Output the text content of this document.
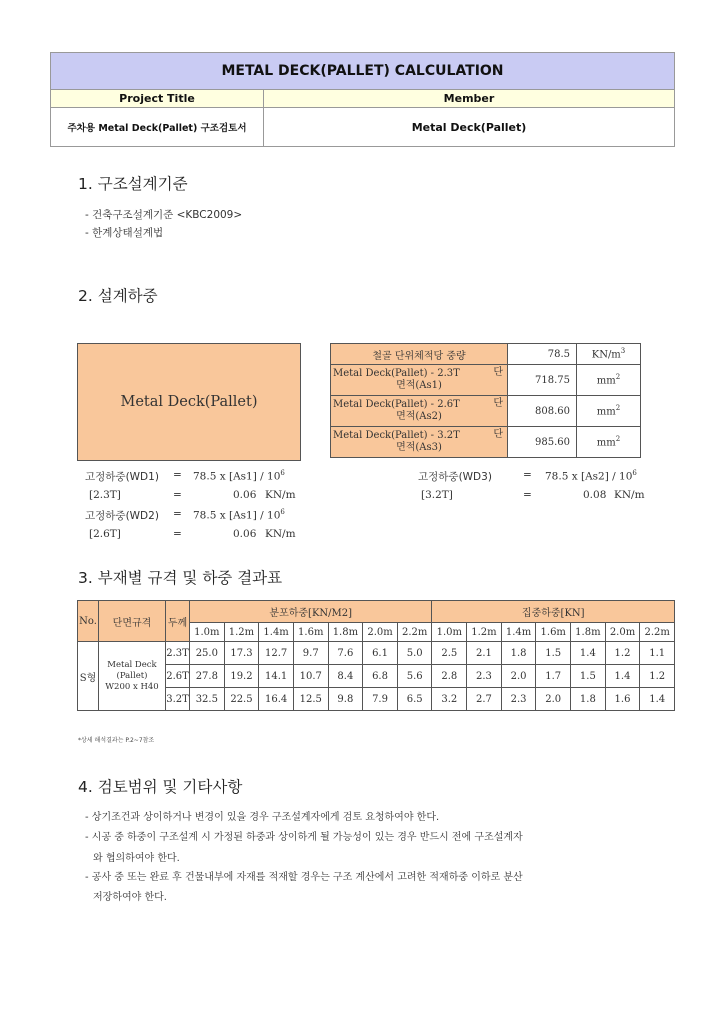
METAL DECK(PALLET) CALCULATION	
Project Title	Member
주차용 Metal Deck(Pallet) 구조검토서	Metal Deck(Pallet)
1. 구조설계기준
- 건축구조설계기준 <KBC2009>
- 한계상태설계법
2. 설계하중
Metal Deck(Pallet)
철골 단위체적당 중량	78.5	$KN/m^3$
Metal Deck(Pallet) - 2.3T 단
면적(As1)	718.75	$mm^2$
Metal Deck(Pallet) - 2.6T 단
면적(As2)	808.60	$mm^2$
Metal Deck(Pallet) - 3.2T 단
면적(As3)	985.60	$mm^2$
고정하중(WD1) = 78.5 x $[As1] / 10^6$
[2.3T]	=	0.06 KN/m
고정하중(WD2) = 78.5 x $[As1] / 10^6$
[2.6T]	=	0.06 KN/m
고정하중(WD3)	= 78.5 x $[As2] / 10^6$
[3.2T]	=	0.08 KN/m
3. 부재별 규격 및 하중 결과표
No.	단면규격	두께	분포하중[KN/M2]							집중하중[KN]						
			1.0m	1.2m	1.4m	1.6m	1.8m	2.0m	2.2m	1.0m	1.2m	1.4m	1.6m	1.8m	2.0m	2.2m
S형	Metal Deck
(Pallet)
W200 x H40	2.3T	25.0	17.3	12.7	9.7	7.6	6.1	5.0	2.5	2.1	1.8	1.5	1.4	1.2	1.1
		2.6T	27.8	19.2	14.1	10.7	8.4	6.8	5.6	2.8	2.3	2.0	1.7	1.5	1.4	1.2
		3.2T	32.5	22.5	16.4	12.5	9.8	7.9	6.5	3.2	2.7	2.3	2.0	1.8	1.6	1.4
*상세 해석결과는 P.2~7참조
4. 검토범위 및 기타사항
- 상기조건과 상이하거나 변경이 있을 경우 구조설계자에게 검토 요청하여야 한다.
- 시공 중 하중이 구조설계 시 가정된 하중과 상이하게 될 가능성이 있는 경우 반드시 전에 구조설계자
와 협의하여야 한다.
- 공사 중 또는 완료 후 건물내부에 자재를 적재할 경우는 구조 계산에서 고려한 적재하중 이하로 분산
저장하여야 한다.
